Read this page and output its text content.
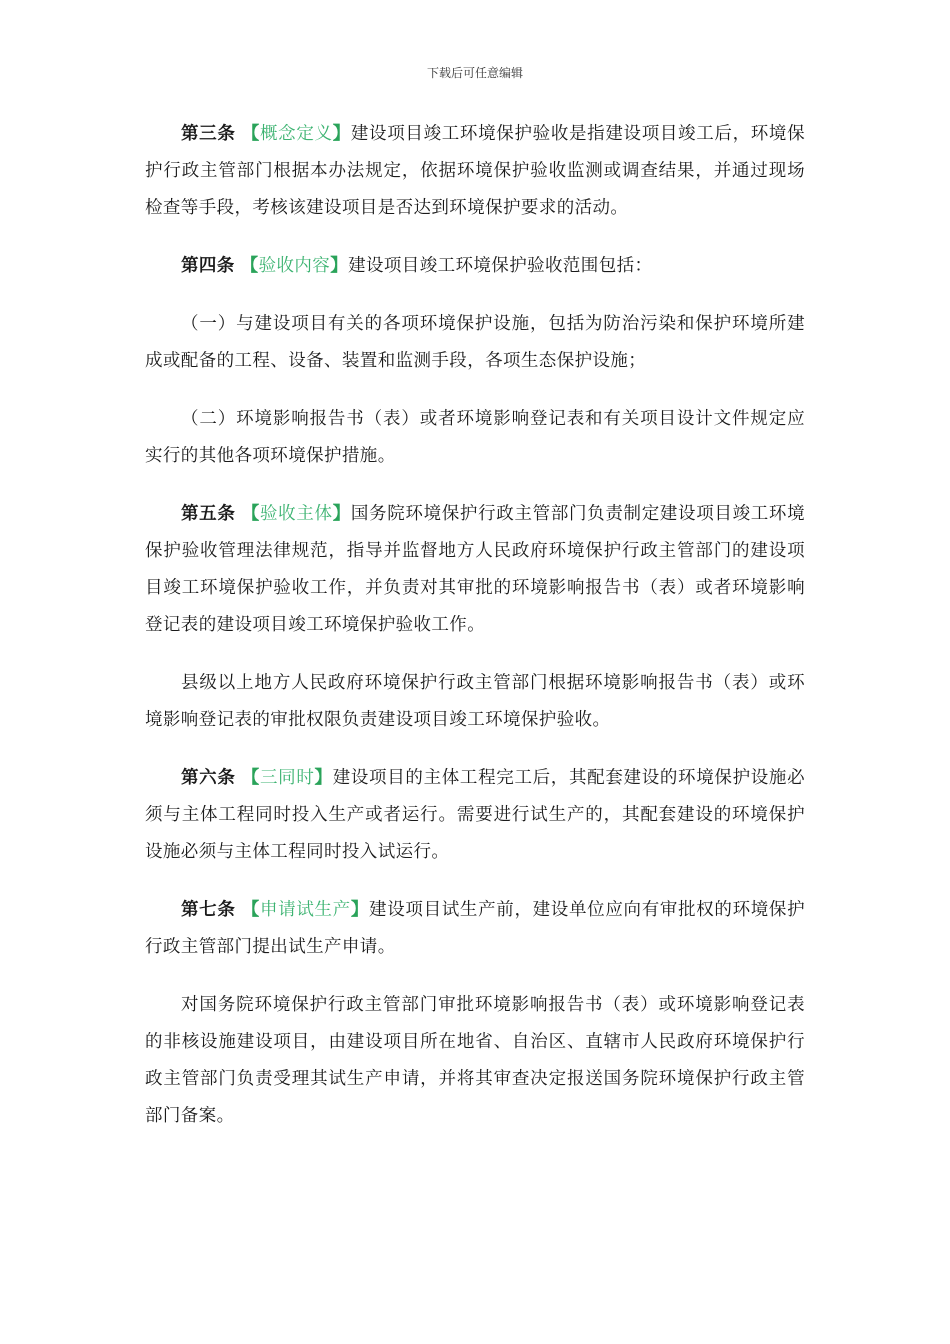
下载后可任意编辑

第三条 【概念定义】建设项目竣工环境保护验收是指建设项目竣工后，环境保护行政主管部门根据本办法规定，依据环境保护验收监测或调查结果，并通过现场检查等手段，考核该建设项目是否达到环境保护要求的活动。

第四条 【验收内容】建设项目竣工环境保护验收范围包括：

（一）与建设项目有关的各项环境保护设施，包括为防治污染和保护环境所建成或配备的工程、设备、装置和监测手段，各项生态保护设施；

（二）环境影响报告书（表）或者环境影响登记表和有关项目设计文件规定应实行的其他各项环境保护措施。

第五条 【验收主体】国务院环境保护行政主管部门负责制定建设项目竣工环境保护验收管理法律规范，指导并监督地方人民政府环境保护行政主管部门的建设项目竣工环境保护验收工作，并负责对其审批的环境影响报告书（表）或者环境影响登记表的建设项目竣工环境保护验收工作。

县级以上地方人民政府环境保护行政主管部门根据环境影响报告书（表）或环境影响登记表的审批权限负责建设项目竣工环境保护验收。

第六条 【三同时】建设项目的主体工程完工后，其配套建设的环境保护设施必须与主体工程同时投入生产或者运行。需要进行试生产的，其配套建设的环境保护设施必须与主体工程同时投入试运行。

第七条 【申请试生产】建设项目试生产前，建设单位应向有审批权的环境保护行政主管部门提出试生产申请。

对国务院环境保护行政主管部门审批环境影响报告书（表）或环境影响登记表的非核设施建设项目，由建设项目所在地省、自治区、直辖市人民政府环境保护行政主管部门负责受理其试生产申请，并将其审查决定报送国务院环境保护行政主管部门备案。
